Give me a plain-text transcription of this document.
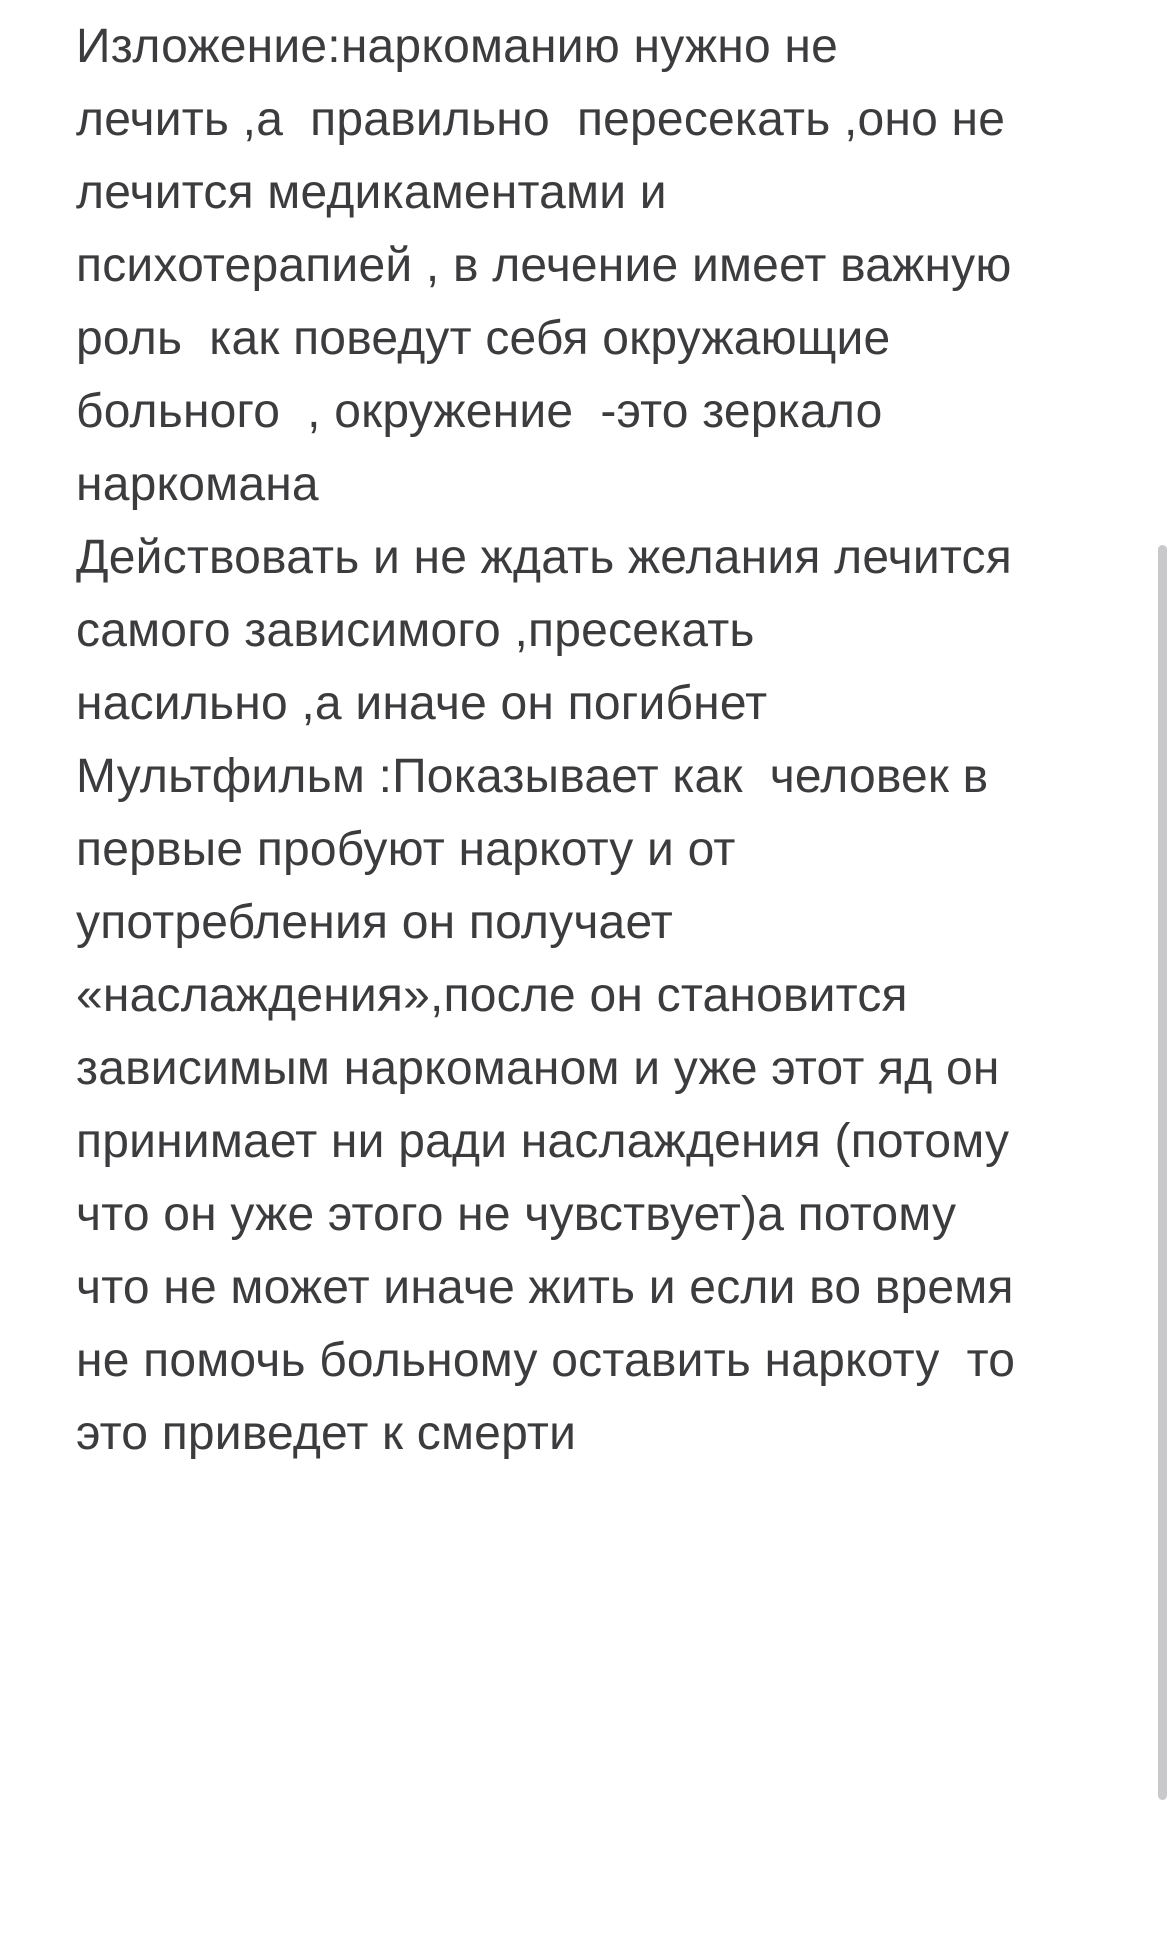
Изложение:наркоманию нужно не
лечить ,а  правильно  пересекать ,оно не
лечится медикаментами и
психотерапией , в лечение имеет важную
роль  как поведут себя окружающие
больного  , окружение  -это зеркало
наркомана
Действовать и не ждать желания лечится
самого зависимого ,пресекать
насильно ,а иначе он погибнет
Мультфильм :Показывает как  человек в
первые пробуют наркоту и от
употребления он получает
«наслаждения»,после он становится
зависимым наркоманом и уже этот яд он
принимает ни ради наслаждения (потому
что он уже этого не чувствует)а потому
что не может иначе жить и если во время
не помочь больному оставить наркоту  то
это приведет к смерти
